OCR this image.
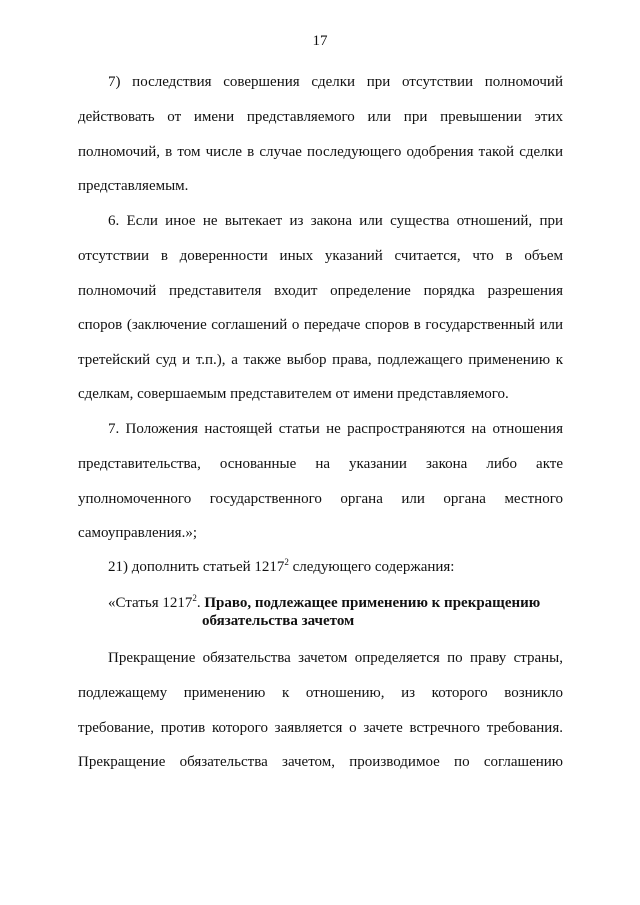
17
7) последствия совершения сделки при отсутствии полномочий
действовать от имени представляемого или при превышении этих
полномочий, в том числе в случае последующего одобрения такой сделки
представляемым.
6. Если иное не вытекает из закона или существа отношений, при
отсутствии в доверенности иных указаний считается, что в объем
полномочий представителя входит определение порядка разрешения
споров (заключение соглашений о передаче споров в государственный или
третейский суд и т.п.), а также выбор права, подлежащего применению к
сделкам, совершаемым представителем от имени представляемого.
7. Положения настоящей статьи не распространяются на отношения
представительства, основанные на указании закона либо акте
уполномоченного государственного органа или органа местного
самоуправления.»;
21) дополнить статьей 1217$^2$ следующего содержания:
«Статья 1217$^2$. Право, подлежащее применению к прекращению
обязательства зачетом
Прекращение обязательства зачетом определяется по праву страны,
подлежащему применению к отношению, из которого возникло
требование, против которого заявляется о зачете встречного требования.
Прекращение обязательства зачетом, производимое по соглашению
